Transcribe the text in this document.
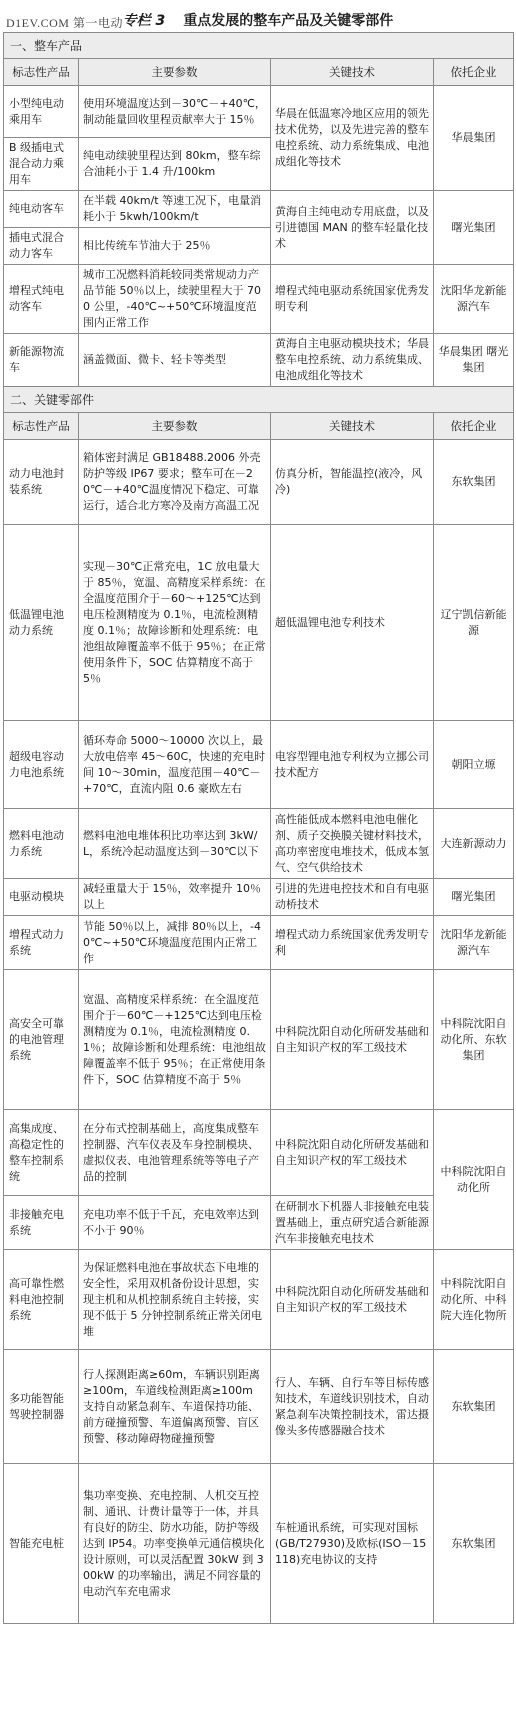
D1EV.COM 第一电动 专栏 3 重点发展的整车产品及关键零部件
一、整车产品			
标志性产品	主要参数	关键技术	依托企业
小型纯电动乘用车	使用环境温度达到－30℃－+40℃，制动能量回收里程贡献率大于 15％	华晨在低温寒冷地区应用的领先技术优势，以及先进完善的整车电控系统、动力系统集成、电池成组化等技术	华晨集团
B 级插电式混合动力乘用车	纯电动续驶里程达到 80km，整车综合油耗小于 1.4 升/100km		
纯电动客车	在半载 40km/t 等速工况下，电量消耗小于 5kwh/100km/t	黄海自主纯电动专用底盘，以及引进德国 MAN 的整车轻量化技术	曙光集团
插电式混合动力客车	相比传统车节油大于 25％		
增程式纯电动客车	城市工况燃料消耗较同类常规动力产品节能 50％以上，续驶里程大于 700 公里，-40℃~+50℃环境温度范围内正常工作	增程式纯电驱动系统国家优秀发明专利	沈阳华龙新能源汽车
新能源物流车	涵盖微面、微卡、轻卡等类型	黄海自主电驱动模块技术；华晨整车电控系统、动力系统集成、电池成组化等技术	华晨集团 曙光集团
二、关键零部件			
标志性产品	主要参数	关键技术	依托企业
动力电池封装系统	箱体密封满足 GB18488.2006 外壳防护等级 IP67 要求；整车可在－20℃－+40℃温度情况下稳定、可靠运行，适合北方寒冷及南方高温工况	仿真分析，智能温控(液冷，风冷)	东软集团
低温锂电池动力系统	实现－30℃正常充电，1C 放电量大于 85％，宽温、高精度采样系统：在全温度范围介于－60～+125℃达到电压检测精度为 0.1％，电流检测精度 0.1％；故障诊断和处理系统：电池组故障覆盖率不低于 95％；在正常使用条件下，SOC 估算精度不高于 5％	超低温锂电池专利技术	辽宁凯信新能源
超级电容动力电池系统	循环寿命 5000～10000 次以上，最大放电倍率 45～60C，快速的充电时间 10～30min，温度范围－40℃－+70℃，直流内阻 0.6 豪欧左右	电容型锂电池专利权为立挪公司技术配方	朝阳立塬
燃料电池动力系统	燃料电池电堆体积比功率达到 3kW/L，系统冷起动温度达到－30℃以下	高性能低成本燃料电池电催化剂、质子交换膜关键材料技术，高功率密度电堆技术，低成本氢气、空气供给技术	大连新源动力
电驱动模块	减轻重量大于 15％，效率提升 10％以上	引进的先进电控技术和自有电驱动桥技术	曙光集团
增程式动力系统	节能 50％以上，减排 80％以上，-40℃~+50℃环境温度范围内正常工作	增程式动力系统国家优秀发明专利	沈阳华龙新能源汽车
高安全可靠的电池管理系统	宽温、高精度采样系统：在全温度范围介于－60℃－+125℃达到电压检测精度为 0.1％，电流检测精度 0.1％；故障诊断和处理系统：电池组故障覆盖率不低于 95％；在正常使用条件下，SOC 估算精度不高于 5％	中科院沈阳自动化所研发基础和自主知识产权的军工级技术	中科院沈阳自动化所、东软集团
高集成度、高稳定性的整车控制系统	在分布式控制基础上，高度集成整车控制器、汽车仪表及车身控制模块、虚拟仪表、电池管理系统等等电子产品的控制	中科院沈阳自动化所研发基础和自主知识产权的军工级技术	中科院沈阳自动化所
非接触充电系统	充电功率不低于千瓦，充电效率达到不小于 90％	在研制水下机器人非接触充电装置基础上，重点研究适合新能源汽车非接触充电技术	
高可靠性燃料电池控制系统	为保证燃料电池在事故状态下电堆的安全性，采用双机备份设计思想，实现主机和从机控制系统自主转接，实现不低于 5 分钟控制系统正常关闭电堆	中科院沈阳自动化所研发基础和自主知识产权的军工级技术	中科院沈阳自动化所、中科院大连化物所
多功能智能驾驶控制器	行人探测距离≥60m，车辆识别距离≥100m，车道线检测距离≥100m 支持自动紧急刹车、车道保持功能、前方碰撞预警、车道偏离预警、盲区预警、移动障碍物碰撞预警	行人、车辆、自行车等目标传感知技术，车道线识别技术，自动紧急刹车决策控制技术，雷达摄像头多传感器融合技术	东软集团
智能充电桩	集功率变换、充电控制、人机交互控制、通讯、计费计量等于一体，并具有良好的防尘、防水功能，防护等级达到 IP54。功率变换单元通信模块化设计原则，可以灵活配置 30kW 到 300kW 的功率输出，满足不同容量的电动汽车充电需求	车桩通讯系统，可实现对国标(GB/T27930)及欧标(ISO－15118)充电协议的支持	东软集团
